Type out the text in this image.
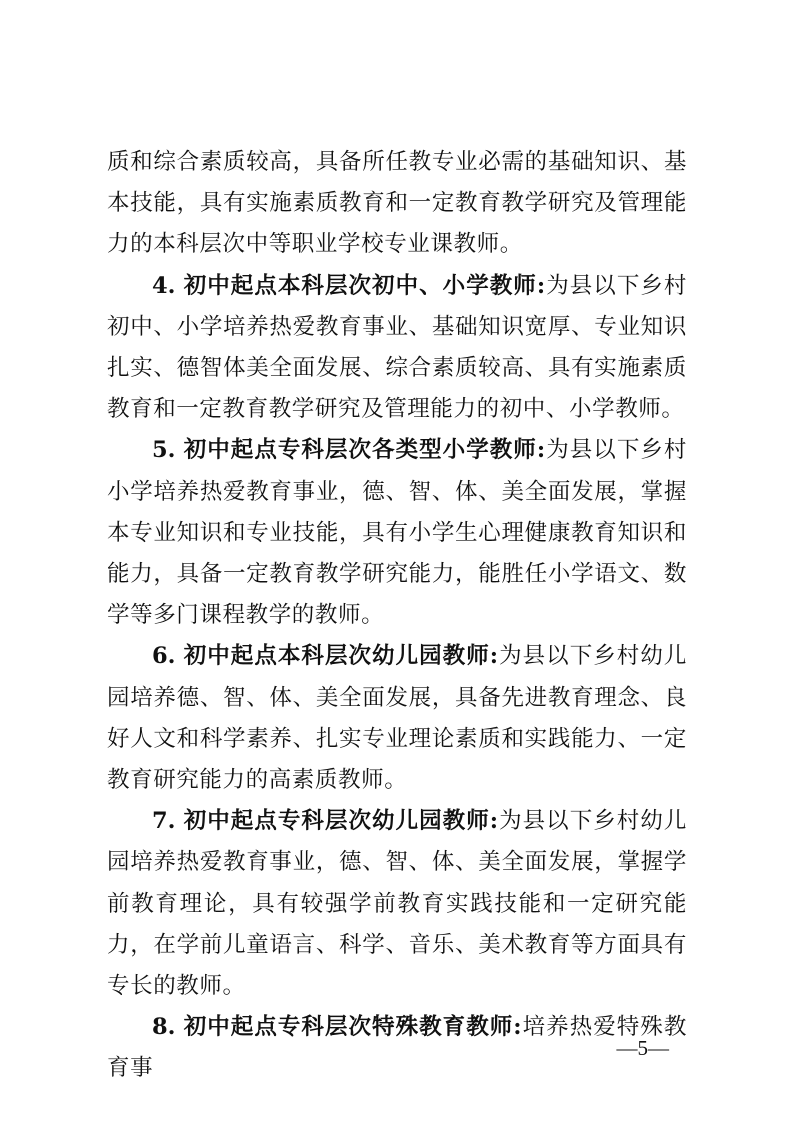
质和综合素质较高，具备所任教专业必需的基础知识、基本技能，具有实施素质教育和一定教育教学研究及管理能力的本科层次中等职业学校专业课教师。

4. 初中起点本科层次初中、小学教师:为县以下乡村初中、小学培养热爱教育事业、基础知识宽厚、专业知识扎实、德智体美全面发展、综合素质较高、具有实施素质教育和一定教育教学研究及管理能力的初中、小学教师。

5. 初中起点专科层次各类型小学教师:为县以下乡村小学培养热爱教育事业，德、智、体、美全面发展，掌握本专业知识和专业技能，具有小学生心理健康教育知识和能力，具备一定教育教学研究能力，能胜任小学语文、数学等多门课程教学的教师。

6. 初中起点本科层次幼儿园教师:为县以下乡村幼儿园培养德、智、体、美全面发展，具备先进教育理念、良好人文和科学素养、扎实专业理论素质和实践能力、一定教育研究能力的高素质教师。

7. 初中起点专科层次幼儿园教师:为县以下乡村幼儿园培养热爱教育事业，德、智、体、美全面发展，掌握学前教育理论，具有较强学前教育实践技能和一定研究能力，在学前儿童语言、科学、音乐、美术教育等方面具有专长的教师。

8. 初中起点专科层次特殊教育教师:培养热爱特殊教育事

—5—
